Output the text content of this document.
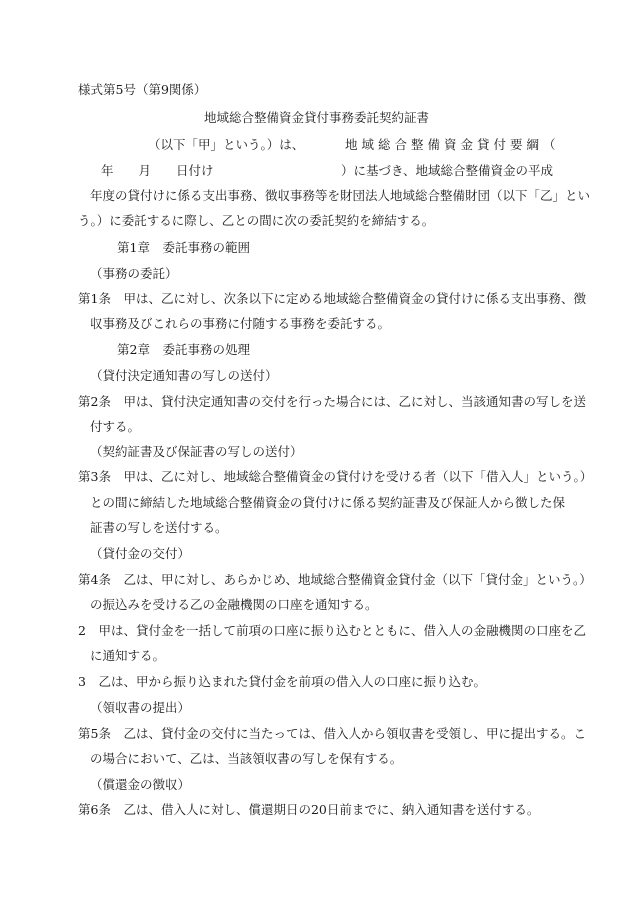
様式第5号（第9関係）
地域総合整備資金貸付事務委託契約証書
（以下「甲」という。）は、	地域総合整備資金貸付要綱（
年　　月　　日付け	）に基づき、地域総合整備資金の平成
年度の貸付けに係る支出事務、徴収事務等を財団法人地域総合整備財団（以下「乙」とい
う。）に委託するに際し、乙との間に次の委託契約を締結する。
第1章　委託事務の範囲
（事務の委託）
第1条　甲は、乙に対し、次条以下に定める地域総合整備資金の貸付けに係る支出事務、徴
収事務及びこれらの事務に付随する事務を委託する。
第2章　委託事務の処理
（貸付決定通知書の写しの送付）
第2条　甲は、貸付決定通知書の交付を行った場合には、乙に対し、当該通知書の写しを送
付する。
（契約証書及び保証書の写しの送付）
第3条　甲は、乙に対し、地域総合整備資金の貸付けを受ける者（以下「借入人」という。）
との間に締結した地域総合整備資金の貸付けに係る契約証書及び保証人から徴した保
証書の写しを送付する。
（貸付金の交付）
第4条　乙は、甲に対し、あらかじめ、地域総合整備資金貸付金（以下「貸付金」という。）
の振込みを受ける乙の金融機関の口座を通知する。
2　甲は、貸付金を一括して前項の口座に振り込むとともに、借入人の金融機関の口座を乙
に通知する。
3　乙は、甲から振り込まれた貸付金を前項の借入人の口座に振り込む。
（領収書の提出）
第5条　乙は、貸付金の交付に当たっては、借入人から領収書を受領し、甲に提出する。こ
の場合において、乙は、当該領収書の写しを保有する。
（償還金の徴収）
第6条　乙は、借入人に対し、償還期日の20日前までに、納入通知書を送付する。
